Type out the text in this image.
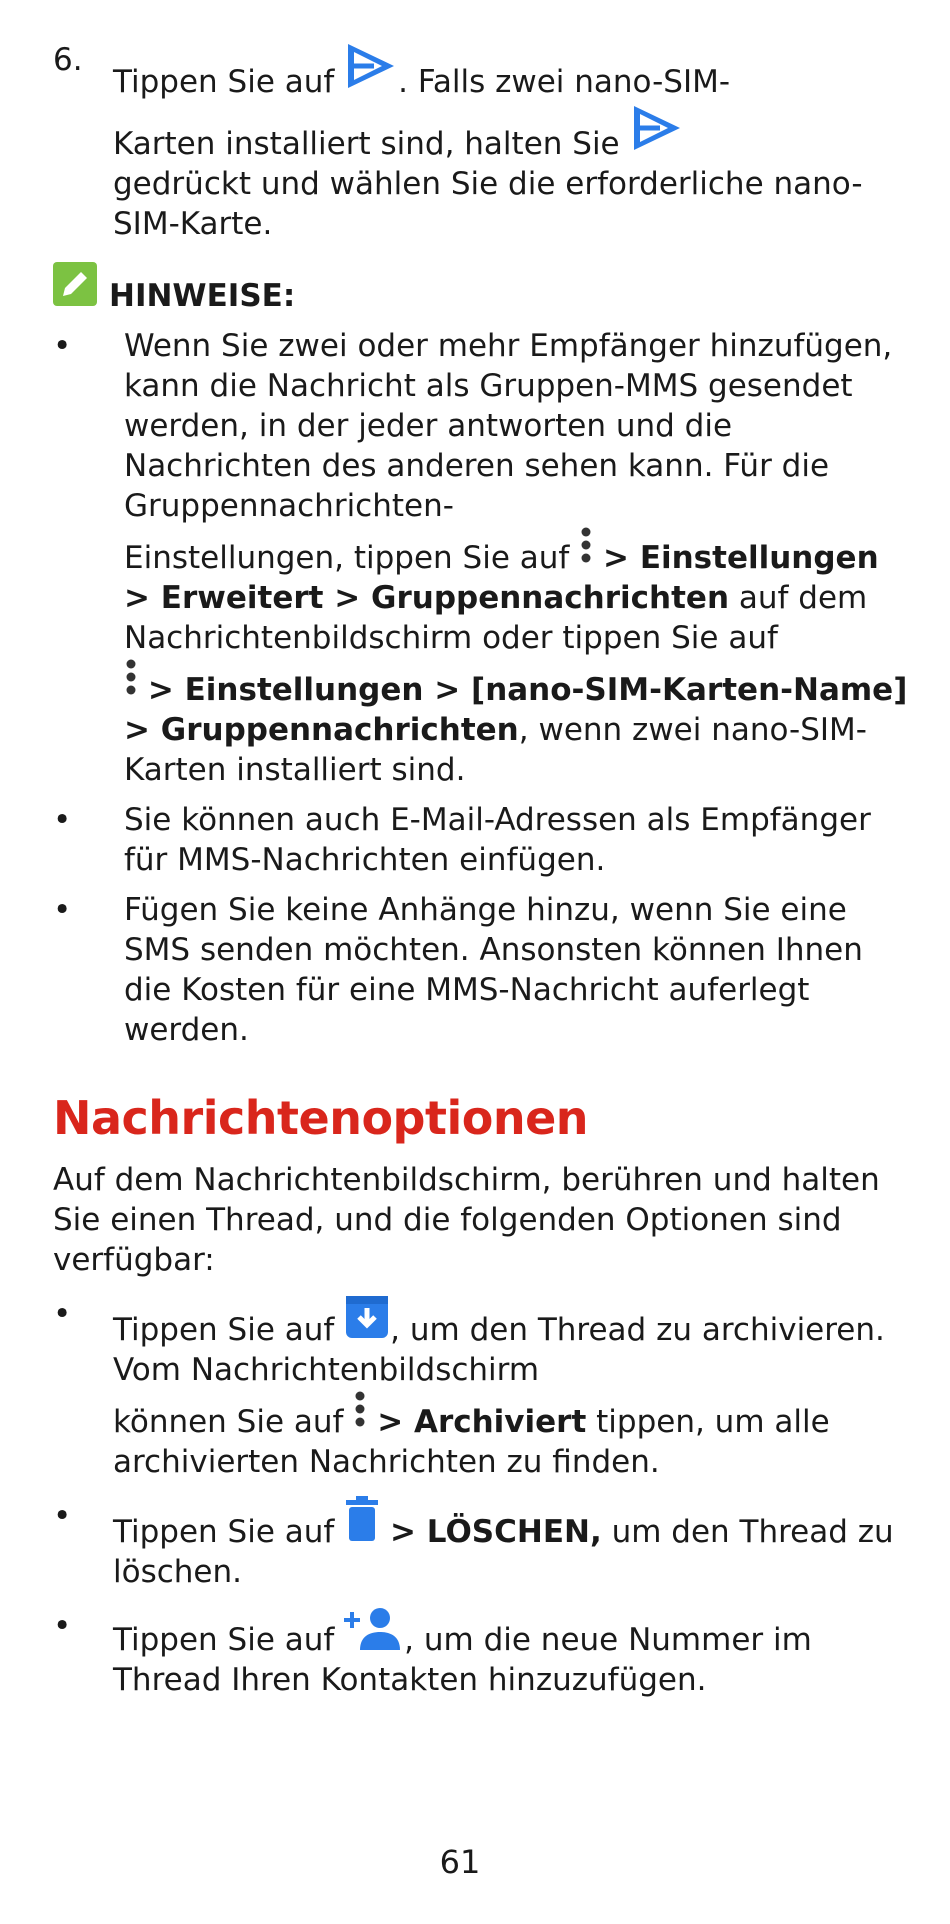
6.

Tippen Sie auf . Falls zwei nano-SIM-
Karten installiert sind, halten Sie
gedrückt und wählen Sie die erforderliche nano-SIM-Karte.

HINWEISE:
• Wenn Sie zwei oder mehr Empfänger hinzufügen, kann die Nachricht als Gruppen-MMS gesendet werden, in der jeder antworten und die Nachrichten des anderen sehen kann. Für die Gruppennachrichten-
Einstellungen, tippen Sie auf > Einstellungen > Erweitert > Gruppennachrichten auf dem Nachrichtenbildschirm oder tippen Sie auf
> Einstellungen > [nano-SIM-Karten-Name] > Gruppennachrichten, wenn zwei nano-SIM-Karten installiert sind.
• Sie können auch E-Mail-Adressen als Empfänger für MMS-Nachrichten einfügen.
• Fügen Sie keine Anhänge hinzu, wenn Sie eine SMS senden möchten. Ansonsten können Ihnen die Kosten für eine MMS-Nachricht auferlegt werden.
Nachrichtenoptionen

Auf dem Nachrichtenbildschirm, berühren und halten Sie einen Thread, und die folgenden Optionen sind verfügbar:

• Tippen Sie auf , um den Thread zu archivieren. Vom Nachrichtenbildschirm
können Sie auf > Archiviert tippen, um alle archivierten Nachrichten zu finden.
• Tippen Sie auf > LÖSCHEN, um den Thread zu löschen.
• Tippen Sie auf , um die neue Nummer im Thread Ihren Kontakten hinzuzufügen.
61
